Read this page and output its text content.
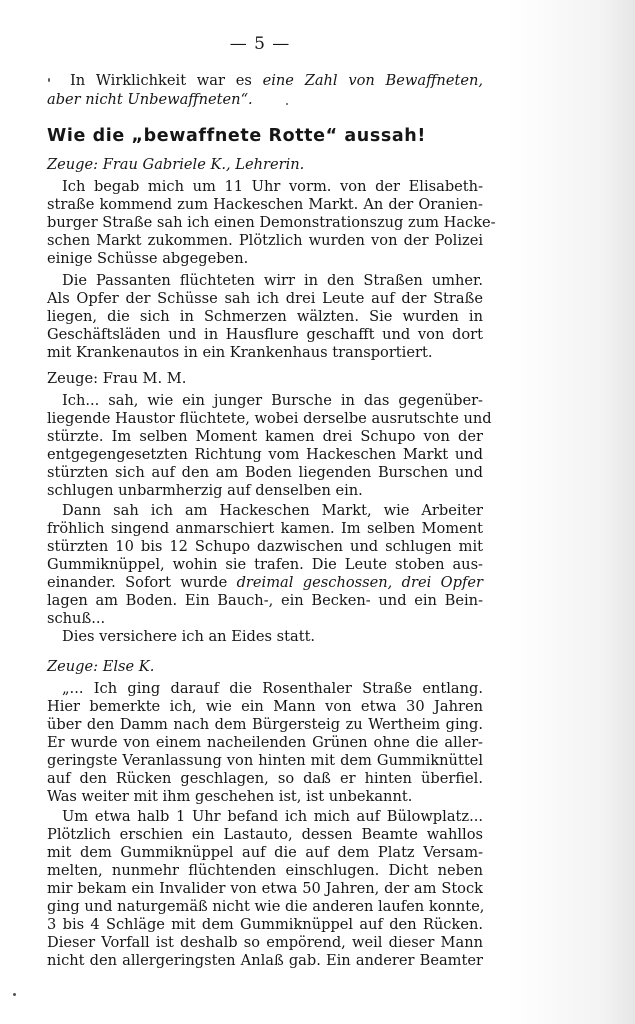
— 5 —
In Wirklichkeit war es eine Zahl von Bewaffneten,
aber nicht Unbewaffneten“.
Wie die „bewaffnete Rotte“ aussah!
Zeuge: Frau Gabriele K., Lehrerin.
Ich begab mich um 11 Uhr vorm. von der Elisabeth-
straße kommend zum Hackeschen Markt. An der Oranien-
burger Straße sah ich einen Demonstrationszug zum Hacke-
schen Markt zukommen. Plötzlich wurden von der Polizei
einige Schüsse abgegeben.
Die Passanten flüchteten wirr in den Straßen umher.
Als Opfer der Schüsse sah ich drei Leute auf der Straße
liegen, die sich in Schmerzen wälzten. Sie wurden in
Geschäftsläden und in Hausflure geschafft und von dort
mit Krankenautos in ein Krankenhaus transportiert.
Zeuge: Frau M. M.
Ich... sah, wie ein junger Bursche in das gegenüber-
liegende Haustor flüchtete, wobei derselbe ausrutschte und
stürzte. Im selben Moment kamen drei Schupo von der
entgegengesetzten Richtung vom Hackeschen Markt und
stürzten sich auf den am Boden liegenden Burschen und
schlugen unbarmherzig auf denselben ein.
Dann sah ich am Hackeschen Markt, wie Arbeiter
fröhlich singend anmarschiert kamen. Im selben Moment
stürzten 10 bis 12 Schupo dazwischen und schlugen mit
Gummiknüppel, wohin sie trafen. Die Leute stoben aus-
einander. Sofort wurde dreimal geschossen, drei Opfer
lagen am Boden. Ein Bauch-, ein Becken- und ein Bein-
schuß...
Dies versichere ich an Eides statt.
Zeuge: Else K.
„... Ich ging darauf die Rosenthaler Straße entlang.
Hier bemerkte ich, wie ein Mann von etwa 30 Jahren
über den Damm nach dem Bürgersteig zu Wertheim ging.
Er wurde von einem nacheilenden Grünen ohne die aller-
geringste Veranlassung von hinten mit dem Gummiknüttel
auf den Rücken geschlagen, so daß er hinten überfiel.
Was weiter mit ihm geschehen ist, ist unbekannt.
Um etwa halb 1 Uhr befand ich mich auf Bülowplatz...
Plötzlich erschien ein Lastauto, dessen Beamte wahllos
mit dem Gummiknüppel auf die auf dem Platz Versam-
melten, nunmehr flüchtenden einschlugen. Dicht neben
mir bekam ein Invalider von etwa 50 Jahren, der am Stock
ging und naturgemäß nicht wie die anderen laufen konnte,
3 bis 4 Schläge mit dem Gummiknüppel auf den Rücken.
Dieser Vorfall ist deshalb so empörend, weil dieser Mann
nicht den allergeringsten Anlaß gab. Ein anderer Beamter
